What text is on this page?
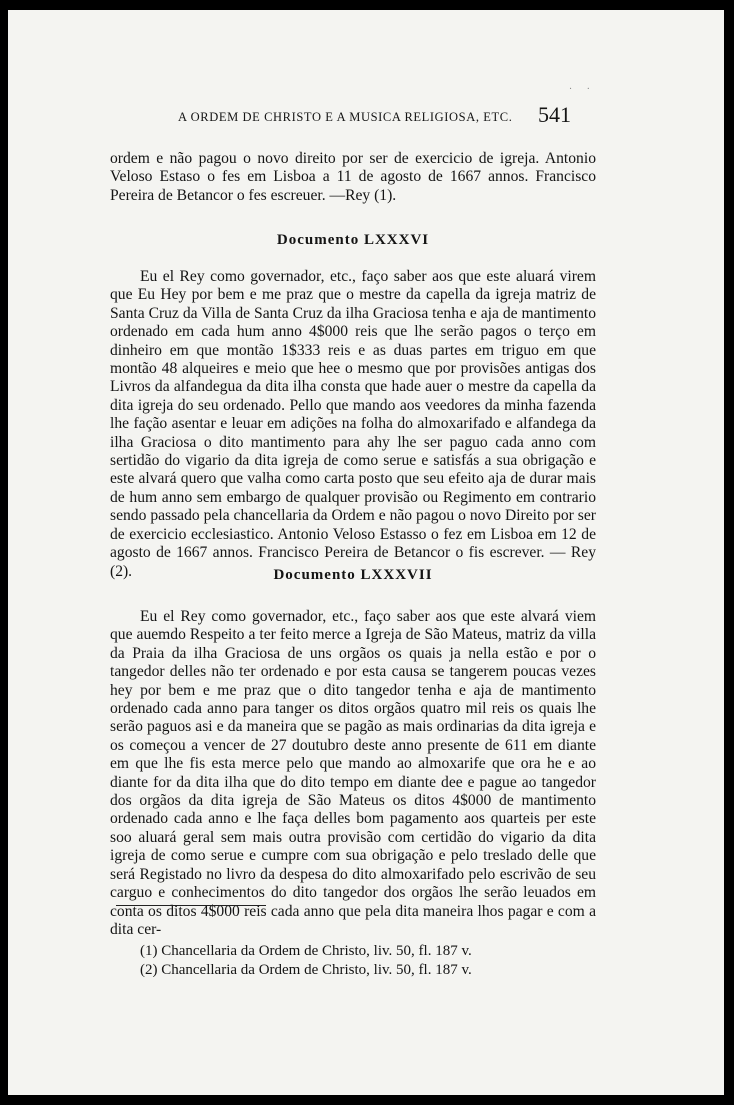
· ·
A ORDEM DE CHRISTO E A MUSICA RELIGIOSA, ETC.	541

ordem e não pagou o novo direito por ser de exercicio de igreja. Antonio Veloso Estaso o fes em Lisboa a 11 de agosto de 1667 annos. Francisco Pereira de Betancor o fes escreuer. —Rey (1).

Documento LXXXVI

Eu el Rey como governador, etc., faço saber aos que este aluará virem que Eu Hey por bem e me praz que o mestre da capella da igreja matriz de Santa Cruz da Villa de Santa Cruz da ilha Graciosa tenha e aja de mantimento ordenado em cada hum anno 4$000 reis que lhe serão pagos o terço em dinheiro em que montão 1$333 reis e as duas partes em triguo em que montão 48 alqueires e meio que hee o mesmo que por provisões antigas dos Livros da alfandegua da dita ilha consta que hade auer o mestre da capella da dita igreja do seu ordenado. Pello que mando aos veedores da minha fazenda lhe fação asentar e leuar em adições na folha do almoxarifado e alfandega da ilha Graciosa o dito mantimento para ahy lhe ser paguo cada anno com sertidão do vigario da dita igreja de como serue e satisfás a sua obrigação e este alvará quero que valha como carta posto que seu efeito aja de durar mais de hum anno sem embargo de qualquer provisão ou Regimento em contrario sendo passado pela chancellaria da Ordem e não pagou o novo Direito por ser de exercicio ecclesiastico. Antonio Veloso Estasso o fez em Lisboa em 12 de agosto de 1667 annos. Francisco Pereira de Betancor o fis escrever. — Rey (2).	Documento LXXXVII

Eu el Rey como governador, etc., faço saber aos que este alvará viem que auemdo Respeito a ter feito merce a Igreja de São Mateus, matriz da villa da Praia da ilha Graciosa de uns orgãos os quais ja nella estão e por o tangedor delles não ter ordenado e por esta causa se tangerem poucas vezes hey por bem e me praz que o dito tangedor tenha e aja de mantimento ordenado cada anno para tanger os ditos orgãos quatro mil reis os quais lhe serão paguos asi e da maneira que se pagão as mais ordinarias da dita igreja e os começou a vencer de 27 doutubro deste anno presente de 611 em diante em que lhe fis esta merce pelo que mando ao almoxarife que ora he e ao diante for da dita ilha que do dito tempo em diante dee e pague ao tangedor dos orgãos da dita igreja de São Mateus os ditos 4$000 de mantimento ordenado cada anno e lhe faça delles bom pagamento aos quarteis per este soo aluará geral sem mais outra provisão com certidão do vigario da dita igreja de como serue e cumpre com sua obrigação e pelo treslado delle que será Registado no livro da despesa do dito almoxarifado pelo escrivão de seu carguo e conhecimentos do dito tangedor dos orgãos lhe serão leuados em conta os ditos 4$000 reis cada anno que pela dita maneira lhos pagar e com a dita cer-

(1) Chancellaria da Ordem de Christo, liv. 50, fl. 187 v.
(2) Chancellaria da Ordem de Christo, liv. 50, fl. 187 v.
